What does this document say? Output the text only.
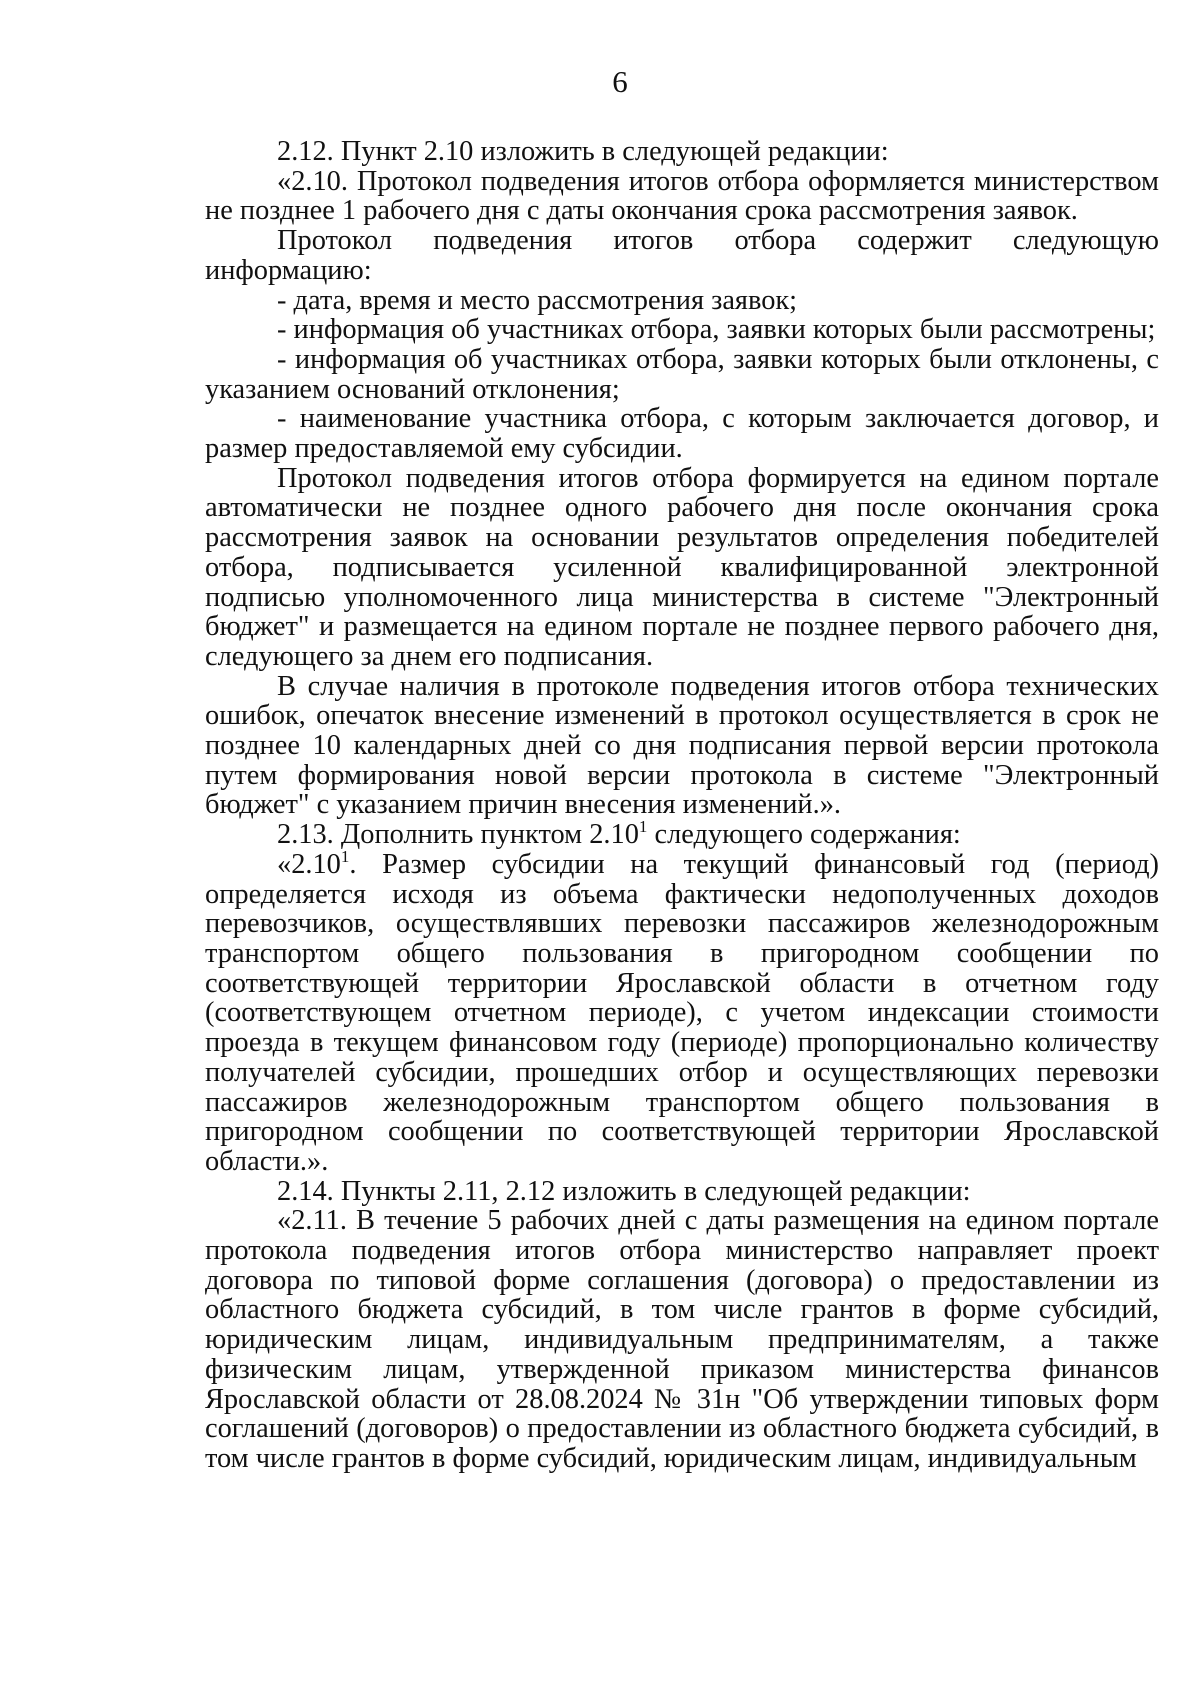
6

2.12. Пункт 2.10 изложить в следующей редакции:

«2.10. Протокол подведения итогов отбора оформляется министерством не позднее 1 рабочего дня с даты окончания срока рассмотрения заявок.

Протокол подведения итогов отбора содержит следующую информацию:

- дата, время и место рассмотрения заявок;

- информация об участниках отбора, заявки которых были рассмотрены;

- информация об участниках отбора, заявки которых были отклонены, с указанием оснований отклонения;

- наименование участника отбора, с которым заключается договор, и размер предоставляемой ему субсидии.

Протокол подведения итогов отбора формируется на едином портале автоматически не позднее одного рабочего дня после окончания срока рассмотрения заявок на основании результатов определения победителей отбора, подписывается усиленной квалифицированной электронной подписью уполномоченного лица министерства в системе "Электронный бюджет" и размещается на едином портале не позднее первого рабочего дня, следующего за днем его подписания.

В случае наличия в протоколе подведения итогов отбора технических ошибок, опечаток внесение изменений в протокол осуществляется в срок не позднее 10 календарных дней со дня подписания первой версии протокола путем формирования новой версии протокола в системе "Электронный бюджет" с указанием причин внесения изменений.».

2.13. Дополнить пунктом 2.10$^1$ следующего содержания:

«2.10$^1$. Размер субсидии на текущий финансовый год (период) определяется исходя из объема фактически недополученных доходов перевозчиков, осуществлявших перевозки пассажиров железнодорожным транспортом общего пользования в пригородном сообщении по соответствующей территории Ярославской области в отчетном году (соответствующем отчетном периоде), с учетом индексации стоимости проезда в текущем финансовом году (периоде) пропорционально количеству получателей субсидии, прошедших отбор и осуществляющих перевозки пассажиров железнодорожным транспортом общего пользования в пригородном сообщении по соответствующей территории Ярославской области.».

2.14. Пункты 2.11, 2.12 изложить в следующей редакции:

«2.11. В течение 5 рабочих дней с даты размещения на едином портале протокола подведения итогов отбора министерство направляет проект договора по типовой форме соглашения (договора) о предоставлении из областного бюджета субсидий, в том числе грантов в форме субсидий, юридическим лицам, индивидуальным предпринимателям, а также физическим лицам, утвержденной приказом министерства финансов Ярославской области от 28.08.2024 № 31н "Об утверждении типовых форм соглашений (договоров) о предоставлении из областного бюджета субсидий, в том числе грантов в форме субсидий, юридическим лицам, индивидуальным
